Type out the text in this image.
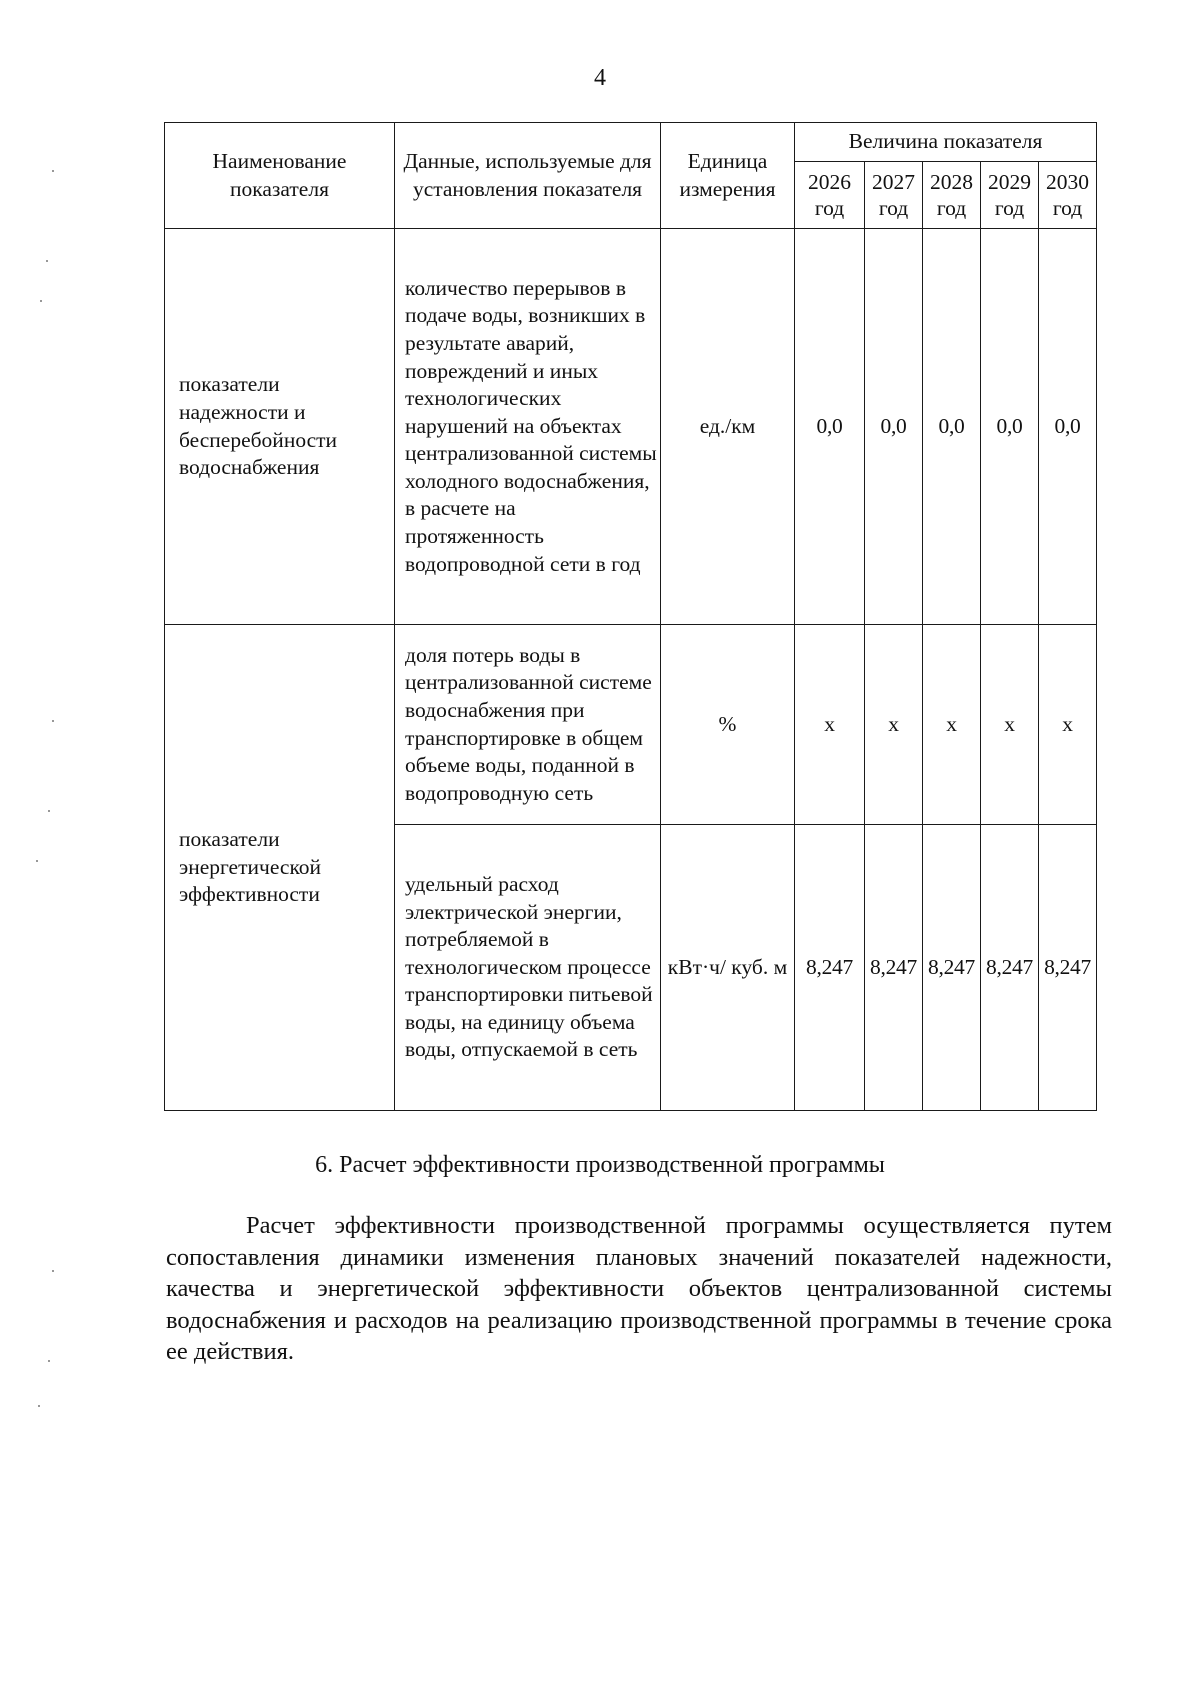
4
Наименование показателя	Данные, используемые для установления показателя	Единица измерения	Величина показателя				
			2026 год	2027 год	2028 год	2029 год	2030 год
показатели надежности и бесперебойности водоснабжения	количество перерывов в подаче воды, возникших в результате аварий, повреждений и иных технологических нарушений на объектах централизованной системы холодного водоснабжения, в расчете на протяженность водопроводной сети в год	ед./км	0,0	0,0	0,0	0,0	0,0
показатели энергетической эффективности	доля потерь воды в централизованной системе водоснабжения при транспортировке в общем объеме воды, поданной в водопроводную сеть	%	x	x	x	x	x
	удельный расход электрической энергии, потребляемой в технологическом процессе транспортировки питьевой воды, на единицу объема воды, отпускаемой в сеть	кВт·ч/ куб. м	8,247	8,247	8,247	8,247	8,247
6. Расчет эффективности производственной программы

Расчет эффективности производственной программы осуществляется путем сопоставления динамики изменения плановых значений показателей надежности, качества и энергетической эффективности объектов централизованной системы водоснабжения и расходов на реализацию производственной программы в течение срока ее действия.
